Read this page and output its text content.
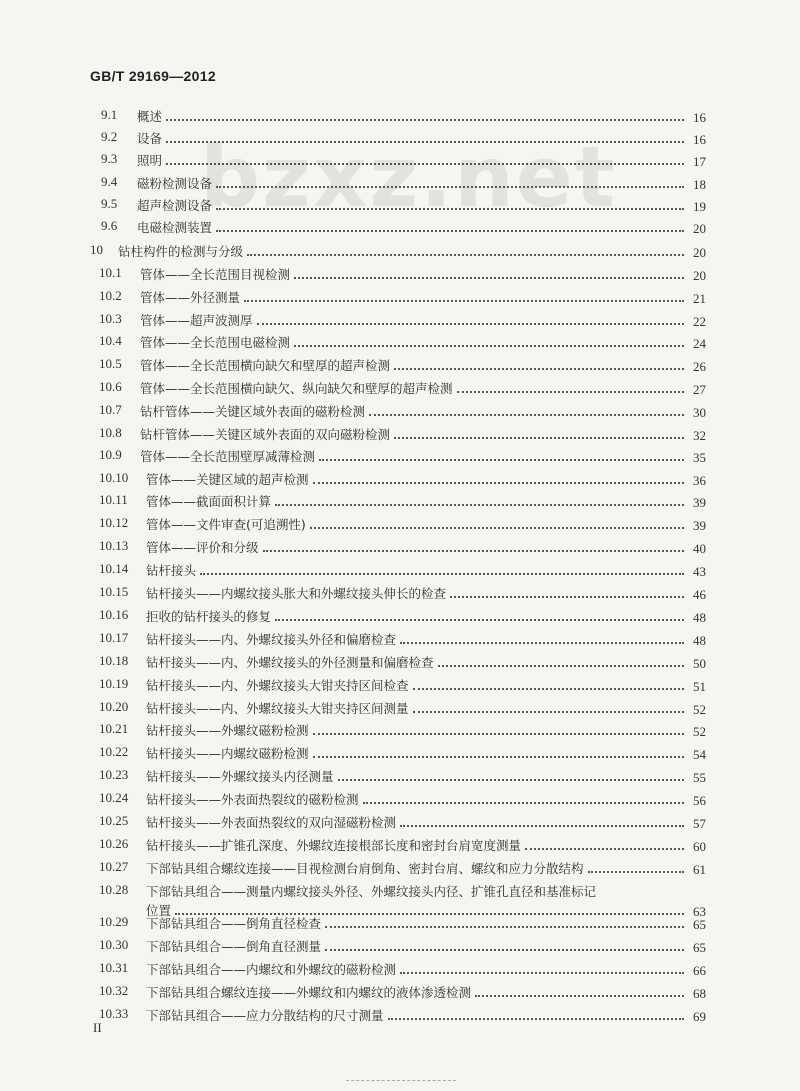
GB/T 29169—2012
bzxz.net
9.1 概述	16
9.2 设备	16
9.3 照明	17
9.4 磁粉检测设备	18
9.5 超声检测设备	19
9.6 电磁检测装置	20
10 钻柱构件的检测与分级	20
10.1 管体——全长范围目视检测	20
10.2 管体——外径测量	21
10.3 管体——超声波测厚	22
10.4 管体——全长范围电磁检测	24
10.5 管体——全长范围横向缺欠和壁厚的超声检测	26
10.6 管体——全长范围横向缺欠、纵向缺欠和壁厚的超声检测	27
10.7 钻杆管体——关键区域外表面的磁粉检测	30
10.8 钻杆管体——关键区域外表面的双向磁粉检测	32
10.9 管体——全长范围壁厚减薄检测	35
10.10 管体——关键区域的超声检测	36
10.11 管体——截面面积计算	39
10.12 管体——文件审查(可追溯性)	39
10.13 管体——评价和分级	40
10.14 钻杆接头	43
10.15 钻杆接头——内螺纹接头胀大和外螺纹接头伸长的检查	46
10.16 拒收的钻杆接头的修复	48
10.17 钻杆接头——内、外螺纹接头外径和偏磨检查	48
10.18 钻杆接头——内、外螺纹接头的外径测量和偏磨检查	50
10.19 钻杆接头——内、外螺纹接头大钳夹持区间检查	51
10.20 钻杆接头——内、外螺纹接头大钳夹持区间测量	52
10.21 钻杆接头——外螺纹磁粉检测	52
10.22 钻杆接头——内螺纹磁粉检测	54
10.23 钻杆接头——外螺纹接头内径测量	55
10.24 钻杆接头——外表面热裂纹的磁粉检测	56
10.25 钻杆接头——外表面热裂纹的双向湿磁粉检测	57
10.26 钻杆接头——扩锥孔深度、外螺纹连接根部长度和密封台肩宽度测量	60
10.27 下部钻具组合螺纹连接——目视检测台肩倒角、密封台肩、螺纹和应力分散结构	61
10.28 下部钻具组合——测量内螺纹接头外径、外螺纹接头内径、扩锥孔直径和基准标记
位置	63
10.29 下部钻具组合——倒角直径检查	65
10.30 下部钻具组合——倒角直径测量	65
10.31 下部钻具组合——内螺纹和外螺纹的磁粉检测	66
10.32 下部钻具组合螺纹连接——外螺纹和内螺纹的液体渗透检测	68
10.33 下部钻具组合——应力分散结构的尺寸测量	69
II
